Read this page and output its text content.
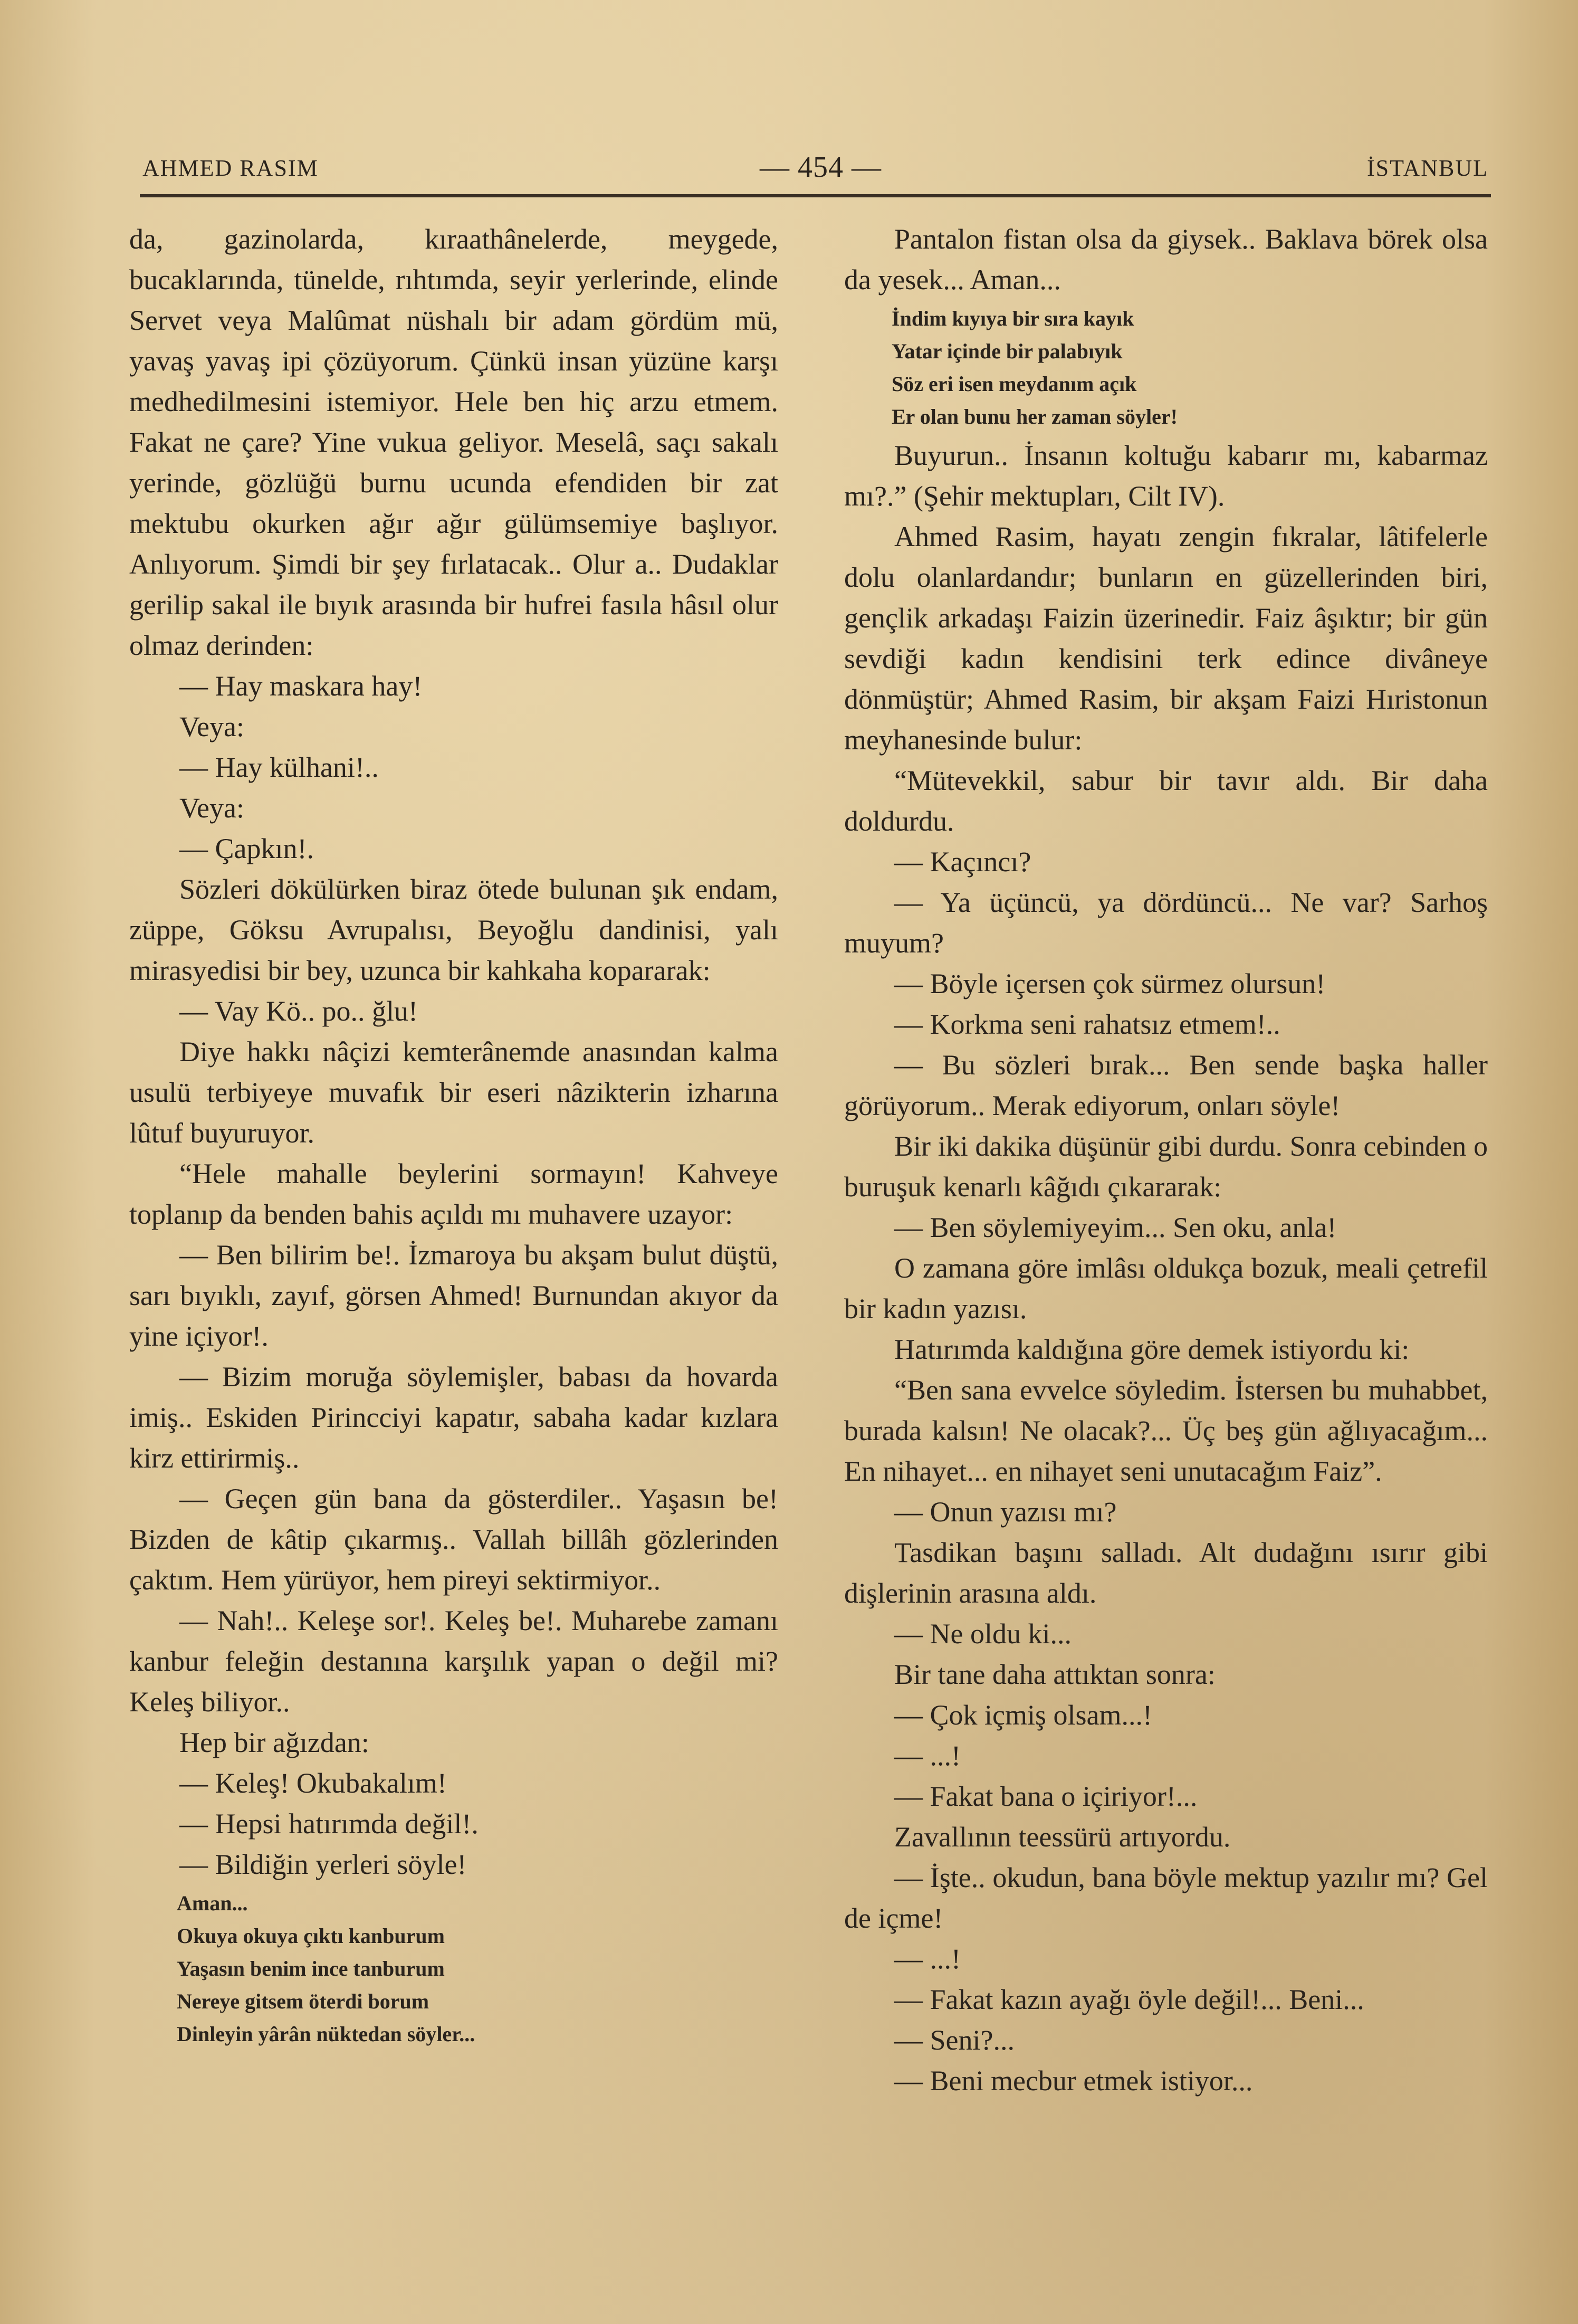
AHMED RASIM	— 454 —	İSTANBUL

da, gazinolarda, kıraathânelerde, meygede, bucaklarında, tünelde, rıhtımda, seyir yerlerinde, elinde Servet veya Malûmat nüshalı bir adam gördüm mü, yavaş yavaş ipi çözüyorum. Çünkü insan yüzüne karşı medhedilmesini istemiyor. Hele ben hiç arzu etmem. Fakat ne çare? Yine vukua geliyor. Meselâ, saçı sakalı yerinde, gözlüğü burnu ucunda efendiden bir zat mektubu okurken ağır ağır gülümsemiye başlıyor. Anlıyorum. Şimdi bir şey fırlatacak.. Olur a.. Dudaklar gerilip sakal ile bıyık arasında bir hufrei fasıla hâsıl olur olmaz derinden:

— Hay maskara hay!

Veya:

— Hay külhani!..

Veya:

— Çapkın!.

Sözleri dökülürken biraz ötede bulunan şık endam, züppe, Göksu Avrupalısı, Beyoğlu dandinisi, yalı mirasyedisi bir bey, uzunca bir kahkaha kopararak:

— Vay Kö.. po.. ğlu!

Diye hakkı nâçizi kemterânemde anasından kalma usulü terbiyeye muvafık bir eseri nâzikterin izharına lûtuf buyuruyor.

“Hele mahalle beylerini sormayın! Kahveye toplanıp da benden bahis açıldı mı muhavere uzayor:

— Ben bilirim be!. İzmaroya bu akşam bulut düştü, sarı bıyıklı, zayıf, görsen Ahmed! Burnundan akıyor da yine içiyor!.

— Bizim moruğa söylemişler, babası da hovarda imiş.. Eskiden Pirincciyi kapatır, sabaha kadar kızlara kirz ettirirmiş..

— Geçen gün bana da gösterdiler.. Yaşasın be! Bizden de kâtip çıkarmış.. Vallah billâh gözlerinden çaktım. Hem yürüyor, hem pireyi sektirmiyor..

— Nah!.. Keleşe sor!. Keleş be!. Muharebe zamanı kanbur feleğin destanına karşılık yapan o değil mi? Keleş biliyor..

Hep bir ağızdan:

— Keleş! Okubakalım!

— Hepsi hatırımda değil!.

— Bildiğin yerleri söyle!

Aman...

Okuya okuya çıktı kanburum

Yaşasın benim ince tanburum

Nereye gitsem öterdi borum

Dinleyin yârân nüktedan söyler...

Pantalon fistan olsa da giysek.. Baklava börek olsa da yesek... Aman...

İndim kıyıya bir sıra kayık

Yatar içinde bir palabıyık

Söz eri isen meydanım açık

Er olan bunu her zaman söyler!

Buyurun.. İnsanın koltuğu kabarır mı, kabarmaz mı?.” (Şehir mektupları, Cilt IV).

Ahmed Rasim, hayatı zengin fıkralar, lâtifelerle dolu olanlardandır; bunların en güzellerinden biri, gençlik arkadaşı Faizin üzerinedir. Faiz âşıktır; bir gün sevdiği kadın kendisini terk edince divâneye dönmüştür; Ahmed Rasim, bir akşam Faizi Hıristonun meyhanesinde bulur:

“Mütevekkil, sabur bir tavır aldı. Bir daha doldurdu.

— Kaçıncı?

— Ya üçüncü, ya dördüncü... Ne var? Sarhoş muyum?

— Böyle içersen çok sürmez olursun!

— Korkma seni rahatsız etmem!..

— Bu sözleri bırak... Ben sende başka haller görüyorum.. Merak ediyorum, onları söyle!

Bir iki dakika düşünür gibi durdu. Sonra cebinden o buruşuk kenarlı kâğıdı çıkararak:

— Ben söylemiyeyim... Sen oku, anla!

O zamana göre imlâsı oldukça bozuk, meali çetrefil bir kadın yazısı.

Hatırımda kaldığına göre demek istiyordu ki:

“Ben sana evvelce söyledim. İstersen bu muhabbet, burada kalsın! Ne olacak?... Üç beş gün ağlıyacağım... En nihayet... en nihayet seni unutacağım Faiz”.

— Onun yazısı mı?

Tasdikan başını salladı. Alt dudağını ısırır gibi dişlerinin arasına aldı.

— Ne oldu ki...

Bir tane daha attıktan sonra:

— Çok içmiş olsam...!

— ...!

— Fakat bana o içiriyor!...

Zavallının teessürü artıyordu.

— İşte.. okudun, bana böyle mektup yazılır mı? Gel de içme!

— ...!

— Fakat kazın ayağı öyle değil!... Beni...

— Seni?...

— Beni mecbur etmek istiyor...
